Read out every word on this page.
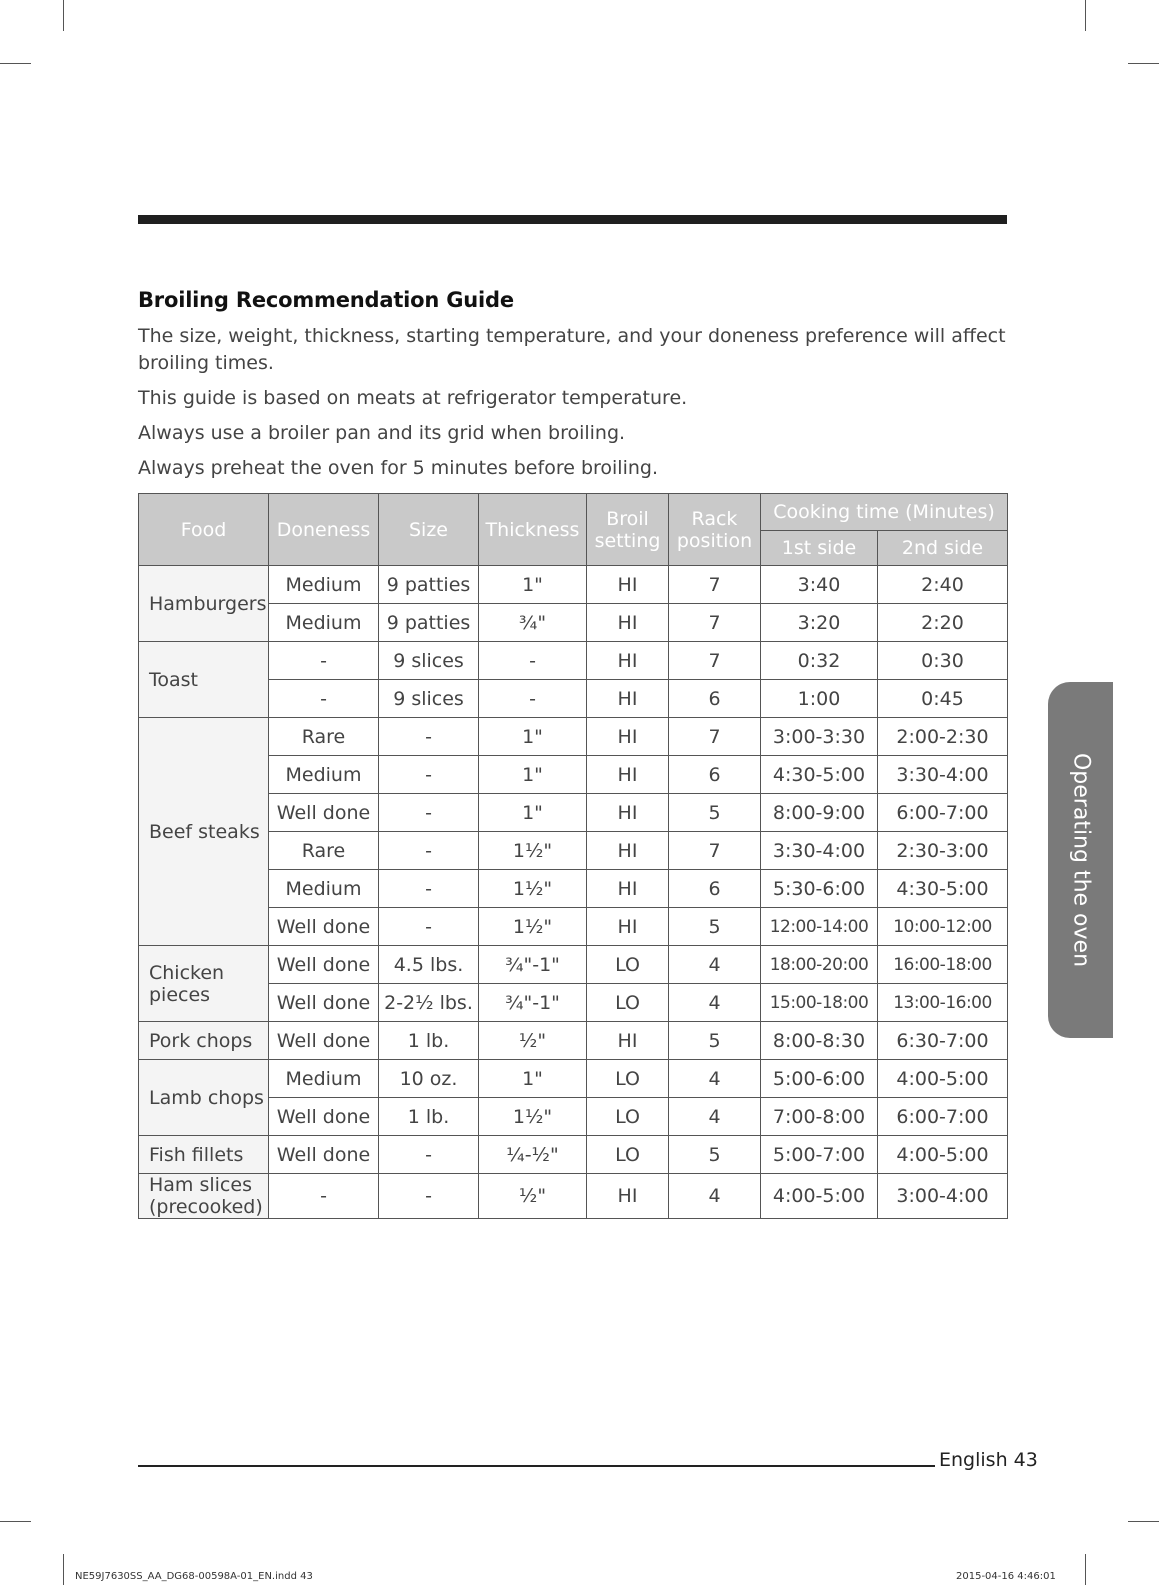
Broiling Recommendation Guide

The size, weight, thickness, starting temperature, and your doneness preference will affect broiling times.

This guide is based on meats at refrigerator temperature.

Always use a broiler pan and its grid when broiling.

Always preheat the oven for 5 minutes before broiling.

Food	Doneness	Size	Thickness	Broil setting	Rack position	Cooking time (Minutes)	
						1st side	2nd side
Hamburgers	Medium	9 patties	1"	HI	7	3:40	2:40
	Medium	9 patties	¾"	HI	7	3:20	2:20
Toast	-	9 slices	-	HI	7	0:32	0:30
	-	9 slices	-	HI	6	1:00	0:45
Beef steaks	Rare	-	1"	HI	7	3:00-3:30	2:00-2:30
	Medium	-	1"	HI	6	4:30-5:00	3:30-4:00
	Well done	-	1"	HI	5	8:00-9:00	6:00-7:00
	Rare	-	1½"	HI	7	3:30-4:00	2:30-3:00
	Medium	-	1½"	HI	6	5:30-6:00	4:30-5:00
	Well done	-	1½"	HI	5	12:00-14:00	10:00-12:00
Chicken pieces	Well done	4.5 lbs.	¾"-1"	LO	4	18:00-20:00	16:00-18:00
	Well done	2-2½ lbs.	¾"-1"	LO	4	15:00-18:00	13:00-16:00
Pork chops	Well done	1 lb.	½"	HI	5	8:00-8:30	6:30-7:00
Lamb chops	Medium	10 oz.	1"	LO	4	5:00-6:00	4:00-5:00
	Well done	1 lb.	1½"	LO	4	7:00-8:00	6:00-7:00
Fish fillets	Well done	-	¼-½"	LO	5	5:00-7:00	4:00-5:00
Ham slices (precooked)	-	-	½"	HI	4	4:00-5:00	3:00-4:00
Operating the oven
English 43
NE59J7630SS_AA_DG68-00598A-01_EN.indd 43	2015-04-16 4:46:01
